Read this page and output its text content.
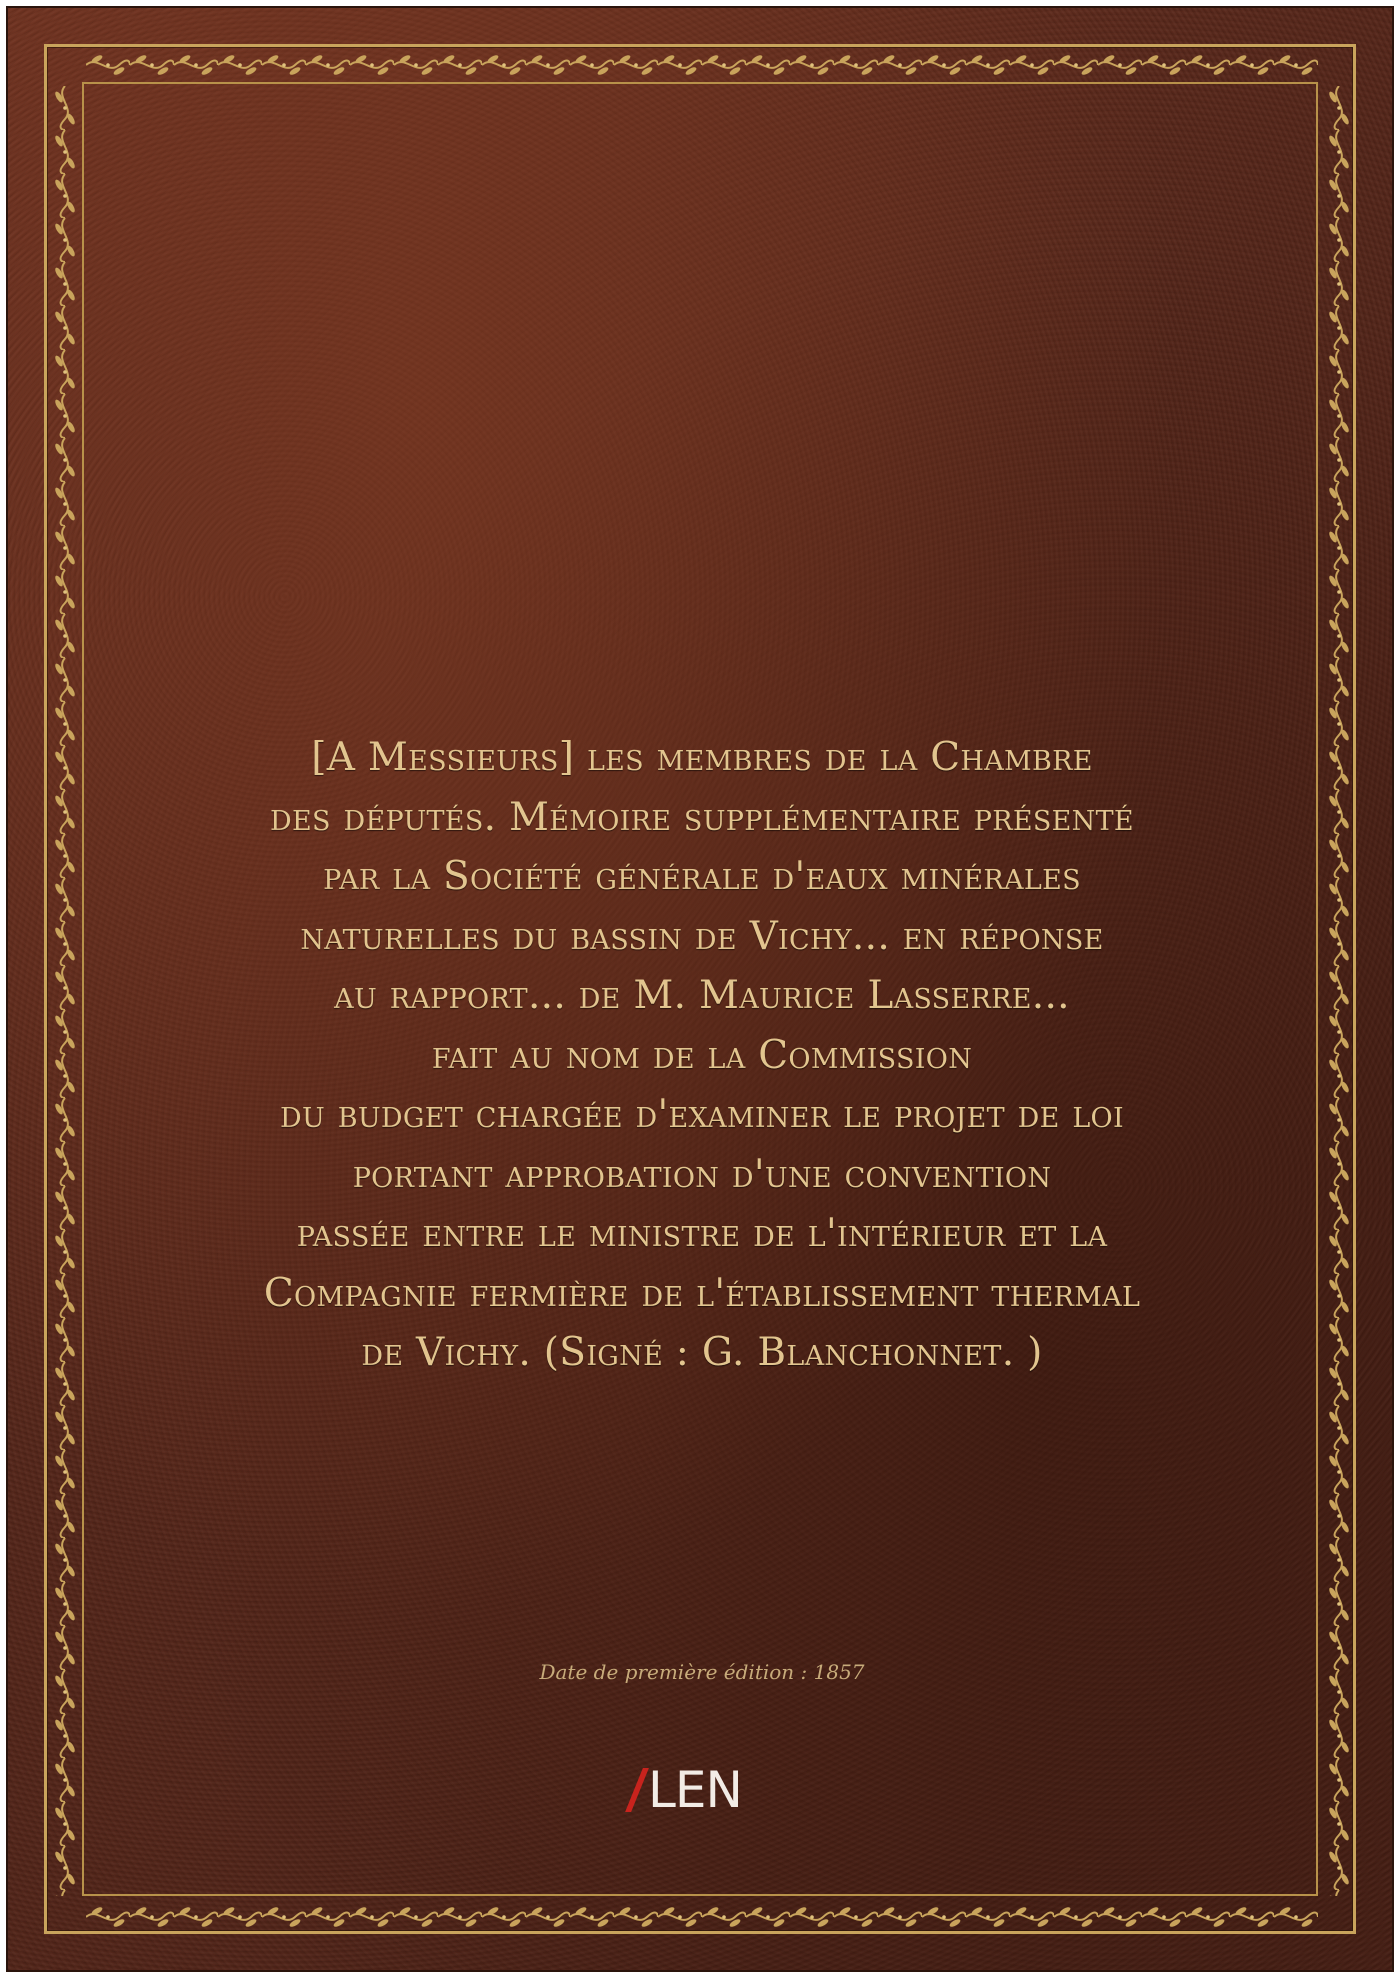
[A Messieurs] les membres de la Chambre
des députés. Mémoire supplémentaire présenté
par la Société générale d'eaux minérales
naturelles du bassin de Vichy... en réponse
au rapport... de M. Maurice Lasserre...
fait au nom de la Commission
du budget chargée d'examiner le projet de loi
portant approbation d'une convention
passée entre le ministre de l'intérieur et la
Compagnie fermière de l'établissement thermal
de Vichy. (Signé : G. Blanchonnet. )
Date de première édition : 1857
LEN
